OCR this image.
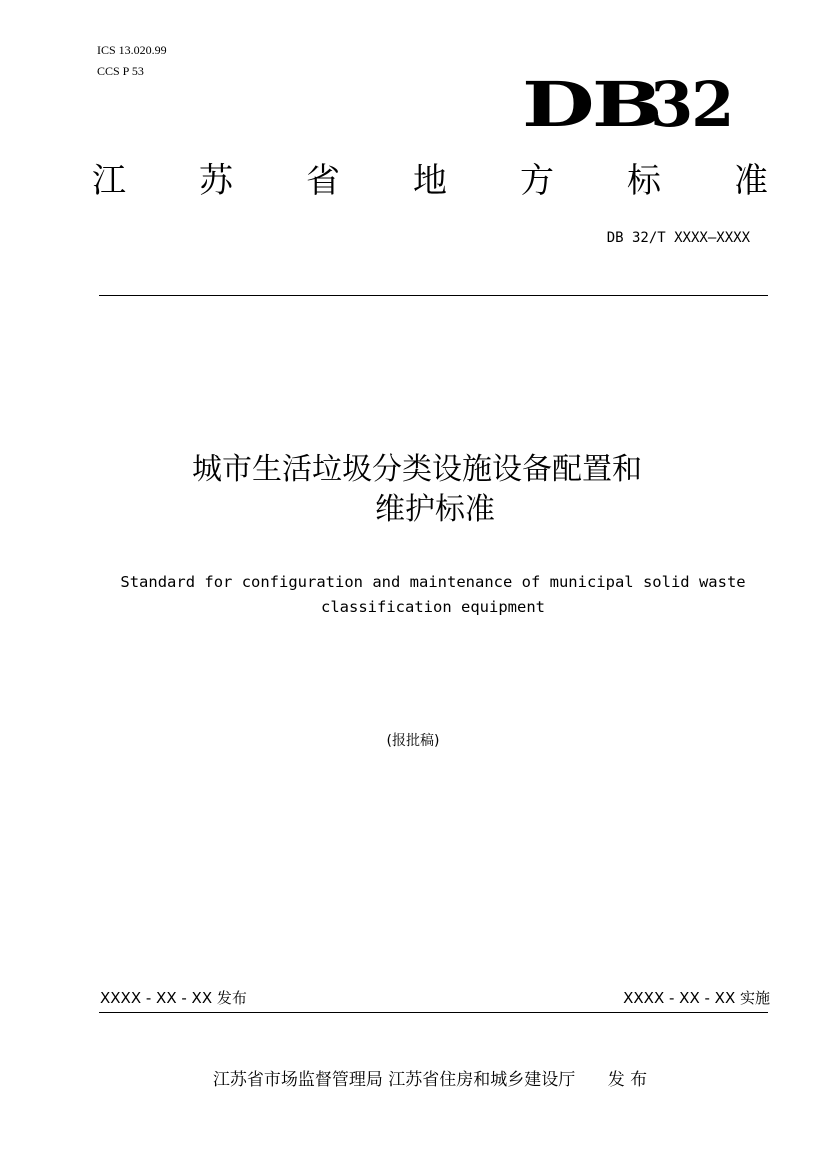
ICS 13.020.99
CCS P 53	DB32
江 苏 省 地 方 标 准
DB 32/T XXXX—XXXX
城市生活垃圾分类设施设备配置和
维护标准
Standard for configuration and maintenance of municipal solid waste
classification equipment
(报批稿)
XXXX - XX - XX 发布	XXXX - XX - XX 实施
江苏省市场监督管理局 江苏省住房和城乡建设厅      发 布
